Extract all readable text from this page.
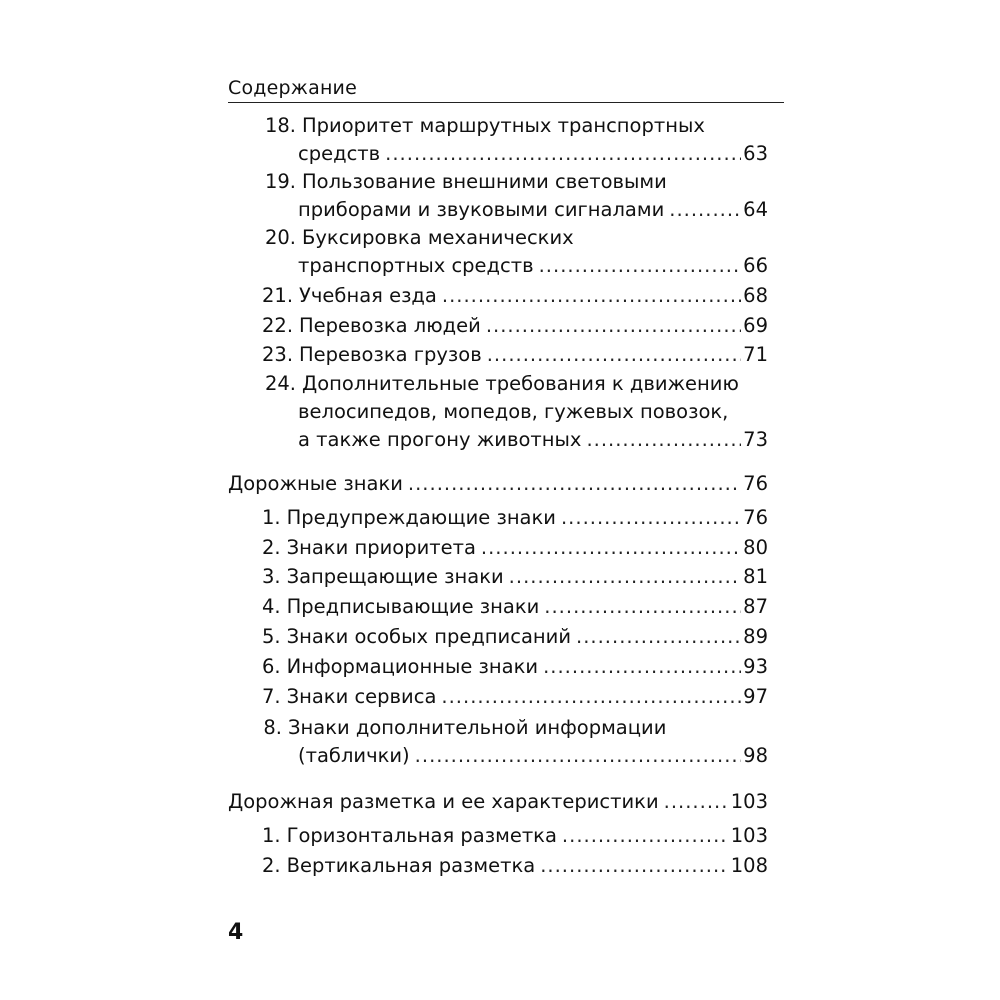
Содержание
18. Приоритет маршрутных транспортных
средств .....	63
19. Пользование внешними световыми
приборами и звуковыми сигналами .....	64
20. Буксировка механических
транспортных средств .....	66
21. Учебная езда .....	68
22. Перевозка людей .....	69
23. Перевозка грузов .....	71
24. Дополнительные требования к движению
велосипедов, мопедов, гужевых повозок,
а также прогону животных .....	73
Дорожные знаки .....	76
1. Предупреждающие знаки .....	76
2. Знаки приоритета .....	80
3. Запрещающие знаки .....	81
4. Предписывающие знаки .....	87
5. Знаки особых предписаний .....	89
6. Информационные знаки .....	93
7. Знаки сервиса .....	97
8. Знаки дополнительной информации
(таблички) .....	98
Дорожная разметка и ее характеристики .....	103
1. Горизонтальная разметка .....	103
2. Вертикальная разметка .....	108
4
